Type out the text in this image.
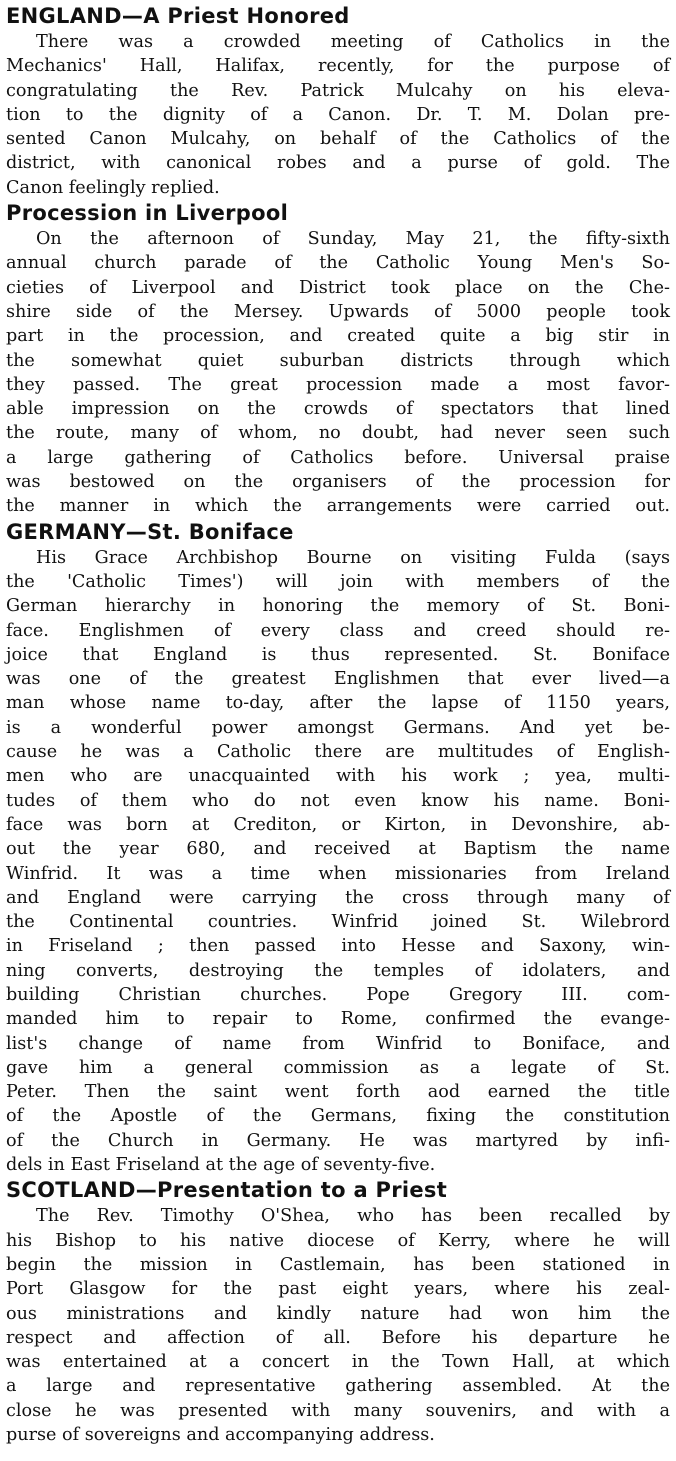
ENGLAND—A Priest Honored
There was a crowded meeting of Catholics in the
Mechanics' Hall, Halifax, recently, for the purpose of
congratulating the Rev. Patrick Mulcahy on his eleva-
tion to the dignity of a Canon. Dr. T. M. Dolan pre-
sented Canon Mulcahy, on behalf of the Catholics of the
district, with canonical robes and a purse of gold. The
Canon feelingly replied.
Procession in Liverpool
On the afternoon of Sunday, May 21, the fifty-sixth
annual church parade of the Catholic Young Men's So-
cieties of Liverpool and District took place on the Che-
shire side of the Mersey. Upwards of 5000 people took
part in the procession, and created quite a big stir in
the somewhat quiet suburban districts through which
they passed. The great procession made a most favor-
able impression on the crowds of spectators that lined
the route, many of whom, no doubt, had never seen such
a large gathering of Catholics before. Universal praise
was bestowed on the organisers of the procession for
the manner in which the arrangements were carried out.
GERMANY—St. Boniface
His Grace Archbishop Bourne on visiting Fulda (says
the 'Catholic Times') will join with members of the
German hierarchy in honoring the memory of St. Boni-
face. Englishmen of every class and creed should re-
joice that England is thus represented. St. Boniface
was one of the greatest Englishmen that ever lived—a
man whose name to-day, after the lapse of 1150 years,
is a wonderful power amongst Germans. And yet be-
cause he was a Catholic there are multitudes of English-
men who are unacquainted with his work ; yea, multi-
tudes of them who do not even know his name. Boni-
face was born at Crediton, or Kirton, in Devonshire, ab-
out the year 680, and received at Baptism the name
Winfrid. It was a time when missionaries from Ireland
and England were carrying the cross through many of
the Continental countries. Winfrid joined St. Wilebrord
in Friseland ; then passed into Hesse and Saxony, win-
ning converts, destroying the temples of idolaters, and
building Christian churches. Pope Gregory III. com-
manded him to repair to Rome, confirmed the evange-
list's change of name from Winfrid to Boniface, and
gave him a general commission as a legate of St.
Peter. Then the saint went forth aod earned the title
of the Apostle of the Germans, fixing the constitution
of the Church in Germany. He was martyred by infi-
dels in East Friseland at the age of seventy-five.
SCOTLAND—Presentation to a Priest
The Rev. Timothy O'Shea, who has been recalled by
his Bishop to his native diocese of Kerry, where he will
begin the mission in Castlemain, has been stationed in
Port Glasgow for the past eight years, where his zeal-
ous ministrations and kindly nature had won him the
respect and affection of all. Before his departure he
was entertained at a concert in the Town Hall, at which
a large and representative gathering assembled. At the
close he was presented with many souvenirs, and with a
purse of sovereigns and accompanying address.
